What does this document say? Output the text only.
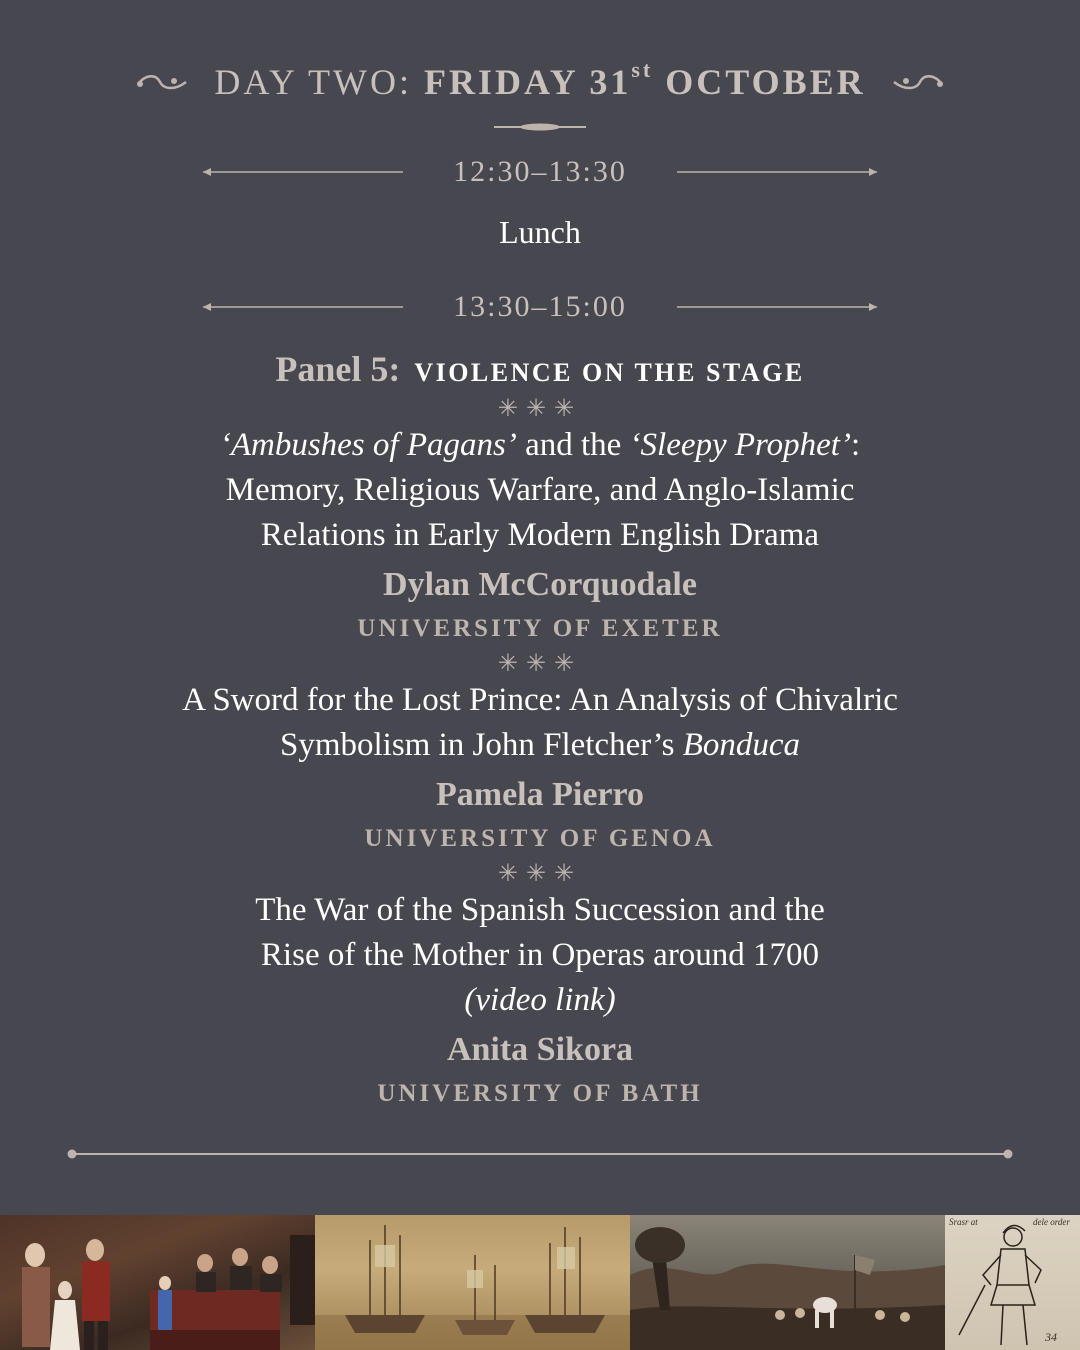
DAY TWO: FRIDAY 31st OCTOBER
12:30–13:30
Lunch
13:30–15:00
Panel 5: VIOLENCE ON THE STAGE
✳✳✳
‘Ambushes of Pagans’ and the ‘Sleepy Prophet’:
Memory, Religious Warfare, and Anglo-Islamic
Relations in Early Modern English Drama
Dylan McCorquodale
UNIVERSITY OF EXETER
✳✳✳
A Sword for the Lost Prince: An Analysis of Chivalric
Symbolism in John Fletcher’s Bonduca
Pamela Pierro
UNIVERSITY OF GENOA
✳✳✳
The War of the Spanish Succession and the
Rise of the Mother in Operas around 1700
(video link)
Anita Sikora
UNIVERSITY OF BATH
Srasr at	dele order
34
